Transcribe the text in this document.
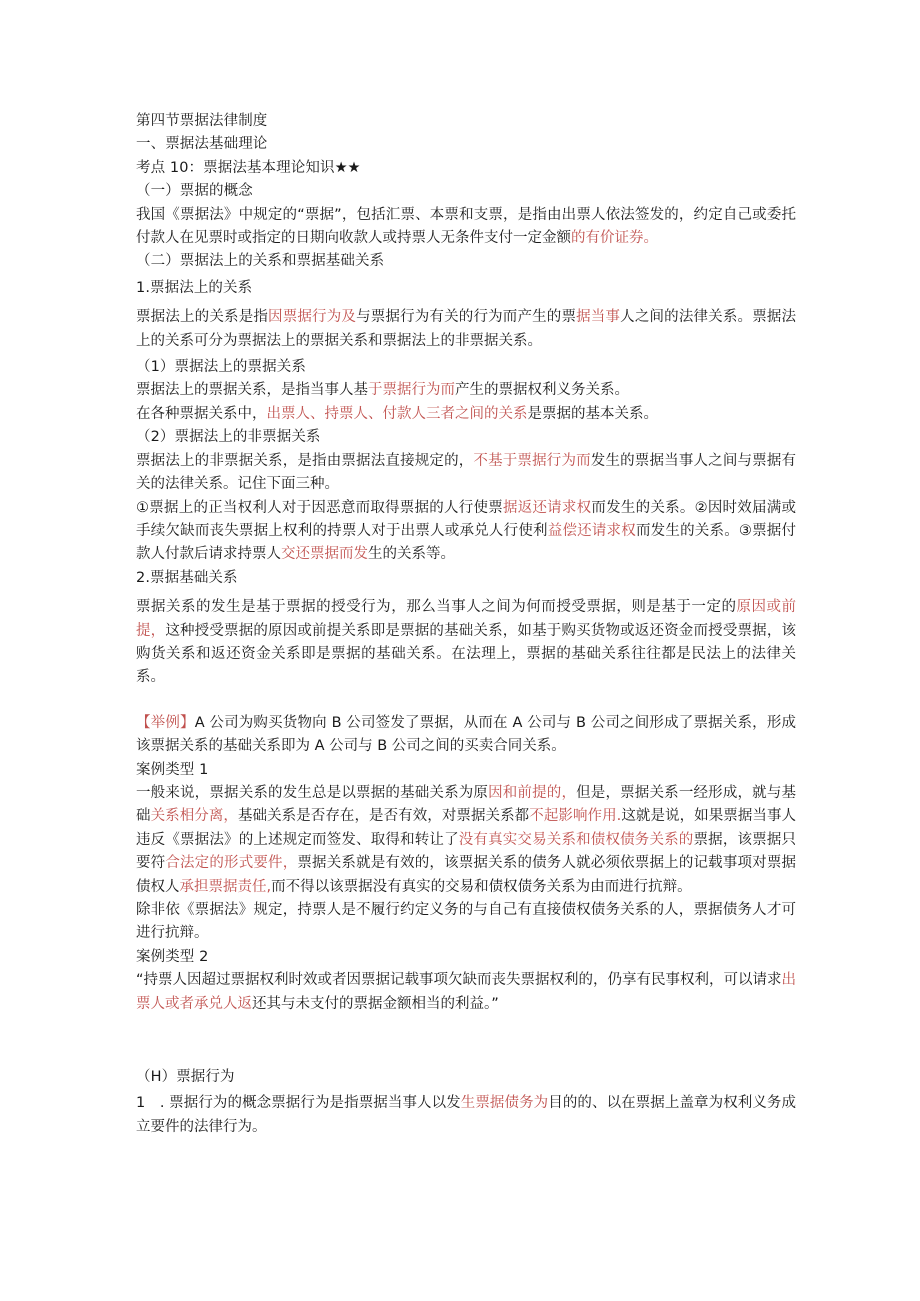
第四节票据法律制度
一、票据法基础理论
考点 10：票据法基本理论知识★★
（一）票据的概念
我国《票据法》中规定的“票据”，包括汇票、本票和支票，是指由出票人依法签发的，约定自己或委托付款人在见票时或指定的日期向收款人或持票人无条件支付一定金额的有价证券。
（二）票据法上的关系和票据基础关系
1.票据法上的关系
票据法上的关系是指因票据行为及与票据行为有关的行为而产生的票据当事人之间的法律关系。票据法上的关系可分为票据法上的票据关系和票据法上的非票据关系。
（1）票据法上的票据关系
票据法上的票据关系，是指当事人基于票据行为而产生的票据权利义务关系。
在各种票据关系中，出票人、持票人、付款人三者之间的关系是票据的基本关系。
（2）票据法上的非票据关系
票据法上的非票据关系，是指由票据法直接规定的，不基于票据行为而发生的票据当事人之间与票据有关的法律关系。记住下面三种。
①票据上的正当权利人对于因恶意而取得票据的人行使票据返还请求权而发生的关系。②因时效届满或手续欠缺而丧失票据上权利的持票人对于出票人或承兑人行使利益偿还请求权而发生的关系。③票据付款人付款后请求持票人交还票据而发生的关系等。
2.票据基础关系
票据关系的发生是基于票据的授受行为，那么当事人之间为何而授受票据，则是基于一定的原因或前提，这种授受票据的原因或前提关系即是票据的基础关系，如基于购买货物或返还资金而授受票据，该购货关系和返还资金关系即是票据的基础关系。在法理上，票据的基础关系往往都是民法上的法律关系。
【举例】A 公司为购买货物向 B 公司签发了票据，从而在 A 公司与 B 公司之间形成了票据关系，形成该票据关系的基础关系即为 A 公司与 B 公司之间的买卖合同关系。
案例类型 1
一般来说，票据关系的发生总是以票据的基础关系为原因和前提的，但是，票据关系一经形成，就与基础关系相分离，基础关系是否存在，是否有效，对票据关系都不起影响作用.这就是说，如果票据当事人违反《票据法》的上述规定而签发、取得和转让了没有真实交易关系和债权债务关系的票据，该票据只要符合法定的形式要件，票据关系就是有效的，该票据关系的债务人就必须依票据上的记载事项对票据债权人承担票据责任,而不得以该票据没有真实的交易和债权债务关系为由而进行抗辩。
除非依《票据法》规定，持票人是不履行约定义务的与自己有直接债权债务关系的人，票据债务人才可进行抗辩。
案例类型 2
“持票人因超过票据权利时效或者因票据记载事项欠缺而丧失票据权利的，仍享有民事权利，可以请求出票人或者承兑人返还其与未支付的票据金额相当的利益。”
（H）票据行为
1　. 票据行为的概念票据行为是指票据当事人以发生票据债务为目的的、以在票据上盖章为权利义务成立要件的法律行为。
